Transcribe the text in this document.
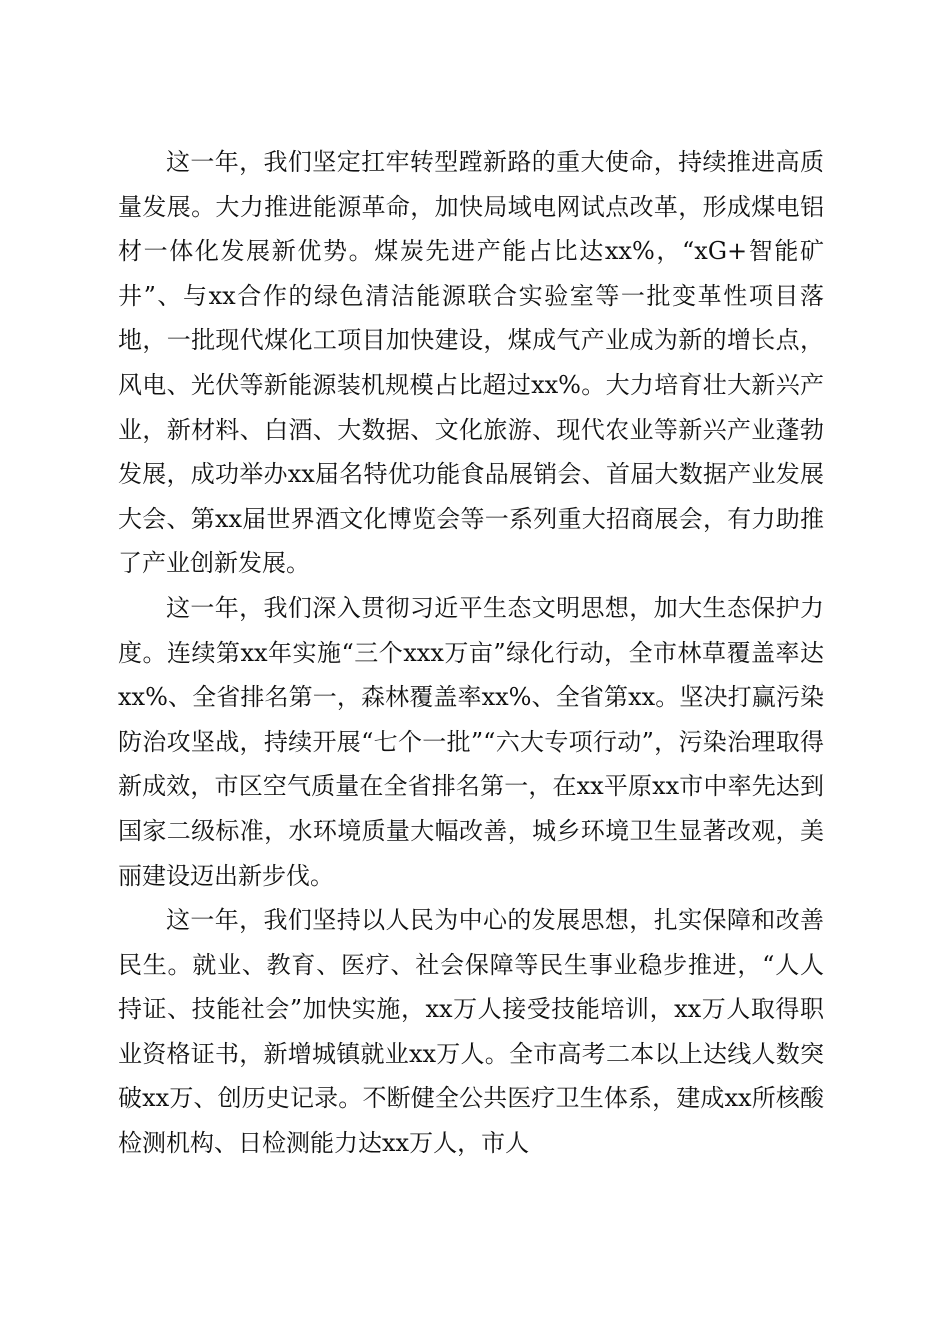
这一年，我们坚定扛牢转型蹚新路的重大使命，持续推进高质量发展。大力推进能源革命，加快局域电网试点改革，形成煤电铝材一体化发展新优势。煤炭先进产能占比达xx%，“xG+智能矿井”、与xx合作的绿色清洁能源联合实验室等一批变革性项目落地，一批现代煤化工项目加快建设，煤成气产业成为新的增长点，风电、光伏等新能源装机规模占比超过xx%。大力培育壮大新兴产业，新材料、白酒、大数据、文化旅游、现代农业等新兴产业蓬勃发展，成功举办xx届名特优功能食品展销会、首届大数据产业发展大会、第xx届世界酒文化博览会等一系列重大招商展会，有力助推了产业创新发展。

这一年，我们深入贯彻习近平生态文明思想，加大生态保护力度。连续第xx年实施“三个xxx万亩”绿化行动，全市林草覆盖率达xx%、全省排名第一，森林覆盖率xx%、全省第xx。坚决打赢污染防治攻坚战，持续开展“七个一批”“六大专项行动”，污染治理取得新成效，市区空气质量在全省排名第一，在xx平原xx市中率先达到国家二级标准，水环境质量大幅改善，城乡环境卫生显著改观，美丽建设迈出新步伐。

这一年，我们坚持以人民为中心的发展思想，扎实保障和改善民生。就业、教育、医疗、社会保障等民生事业稳步推进，“人人持证、技能社会”加快实施，xx万人接受技能培训，xx万人取得职业资格证书，新增城镇就业xx万人。全市高考二本以上达线人数突破xx万、创历史记录。不断健全公共医疗卫生体系，建成xx所核酸检测机构、日检测能力达xx万人，市人
